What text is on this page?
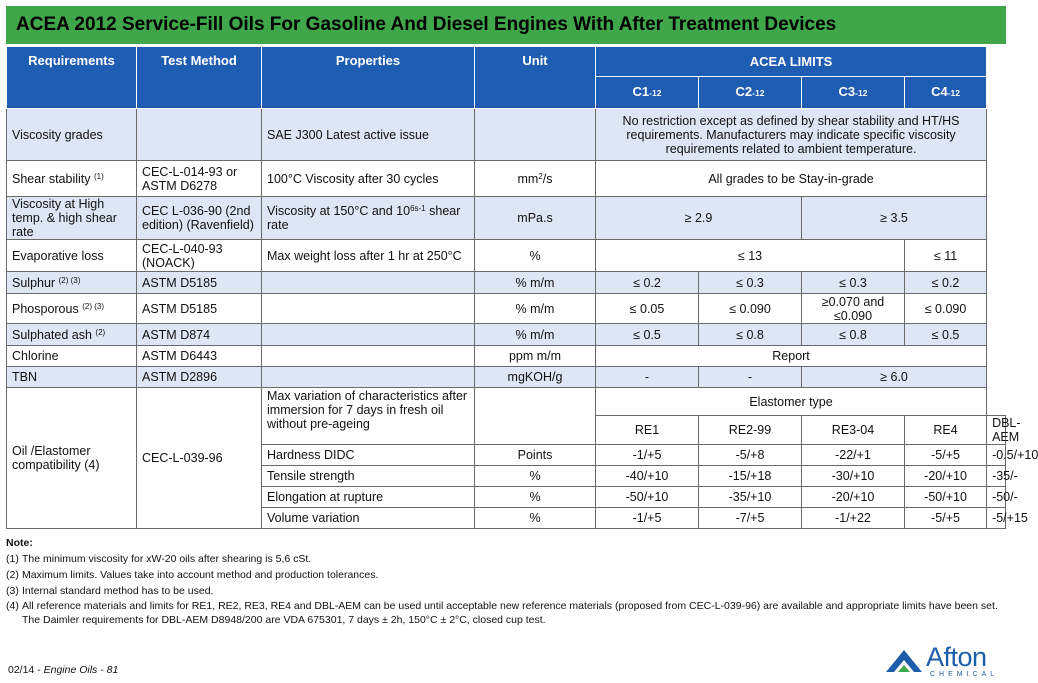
ACEA 2012 Service-Fill Oils For Gasoline And Diesel Engines With After Treatment Devices
Requirements	Test Method	Properties	Unit	ACEA LIMITS				
				C1-12	C2-12	C3-12	C4-12	
Viscosity grades		SAE J300 Latest active issue		No restriction except as defined by shear stability and HT/HS requirements. Manufacturers may indicate specific viscosity requirements related to ambient temperature.				
Shear stability $^{(1)}$	CEC-L-014-93 or ASTM D6278	100°C Viscosity after 30 cycles	$mm^2/s$	All grades to be Stay-in-grade				
Viscosity at High temp. & high shear rate	CEC L-036-90 (2nd edition) (Ravenfield)	Viscosity at 150°C and $10^{6s-1}$ shear rate	mPa.s	≥ 2.9		≥ 3.5		
Evaporative loss	CEC-L-040-93 (NOACK)	Max weight loss after 1 hr at 250°C	%	≤ 13			≤ 11	
Sulphur $^{(2) (3)}$	ASTM D5185		% m/m	≤ 0.2	≤ 0.3	≤ 0.3	≤ 0.2	
Phosporous $^{(2) (3)}$	ASTM D5185		% m/m	≤ 0.05	≤ 0.090	≥0.070 and ≤0.090	≤ 0.090	
Sulphated ash $^{(2)}$	ASTM D874		% m/m	≤ 0.5	≤ 0.8	≤ 0.8	≤ 0.5	
Chlorine	ASTM D6443		ppm m/m	Report				
TBN	ASTM D2896		mgKOH/g	-	-	≥ 6.0		
Oil /Elastomer compatibility (4)	CEC-L-039-96	Max variation of characteristics after immersion for 7 days in fresh oil without pre-ageing		Elastomer type				
				RE1	RE2-99	RE3-04	RE4	DBL-AEM

		Hardness DIDC	Points	-1/+5	-5/+8	-22/+1	-5/+5	-0.5/+10
		Tensile strength	%	-40/+10	-15/+18	-30/+10	-20/+10	-35/-
		Elongation at rupture	%	-50/+10	-35/+10	-20/+10	-50/+10	-50/-
		Volume variation	%	-1/+5	-7/+5	-1/+22	-5/+5	-5/+15
Note:
(1) The minimum viscosity for xW-20 oils after shearing is 5,6 cSt.
(2) Maximum limits. Values take into account method and production tolerances.
(3) Internal standard method has to be used.
(4) All reference materials and limits for RE1, RE2, RE3, RE4 and DBL-AEM can be used until acceptable new reference materials (proposed from CEC-L-039-96) are available and appropriate limits have been set. The Daimler requirements for DBL-AEM D8948/200 are VDA 675301, 7 days ± 2h, 150°C ± 2°C, closed cup test.
02/14 - Engine Oils - 81	Afton
CHEMICAL
